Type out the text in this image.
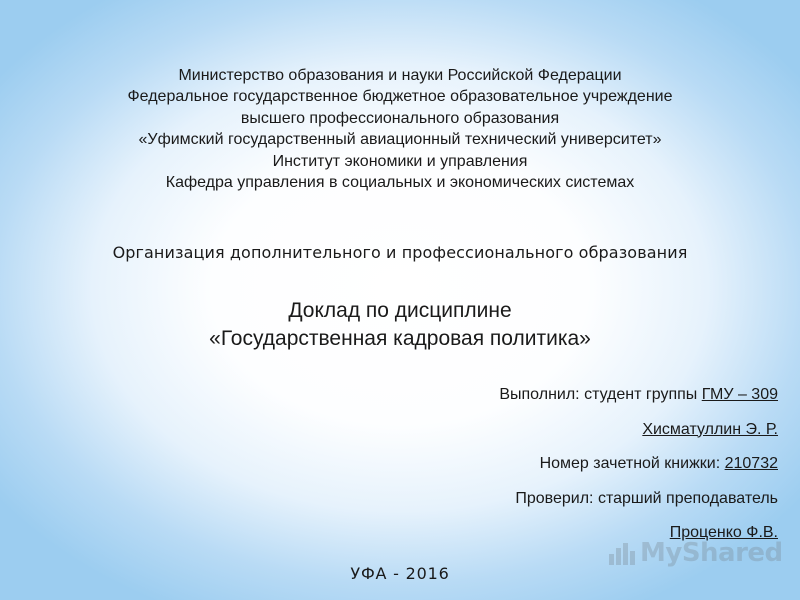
Министерство образования и науки Российской Федерации
Федеральное государственное бюджетное образовательное учреждение
высшего профессионального образования
«Уфимский государственный авиационный технический университет»
Институт экономики и управления
Кафедра управления в социальных и экономических системах
Организация дополнительного и профессионального образования
Доклад по дисциплине
«Государственная кадровая политика»
Выполнил: студент группы ГМУ – 309
Хисматуллин Э. Р.
Номер зачетной книжки: 210732
Проверил: старший преподаватель
Проценко Ф.В.
УФА - 2016
MyShared
